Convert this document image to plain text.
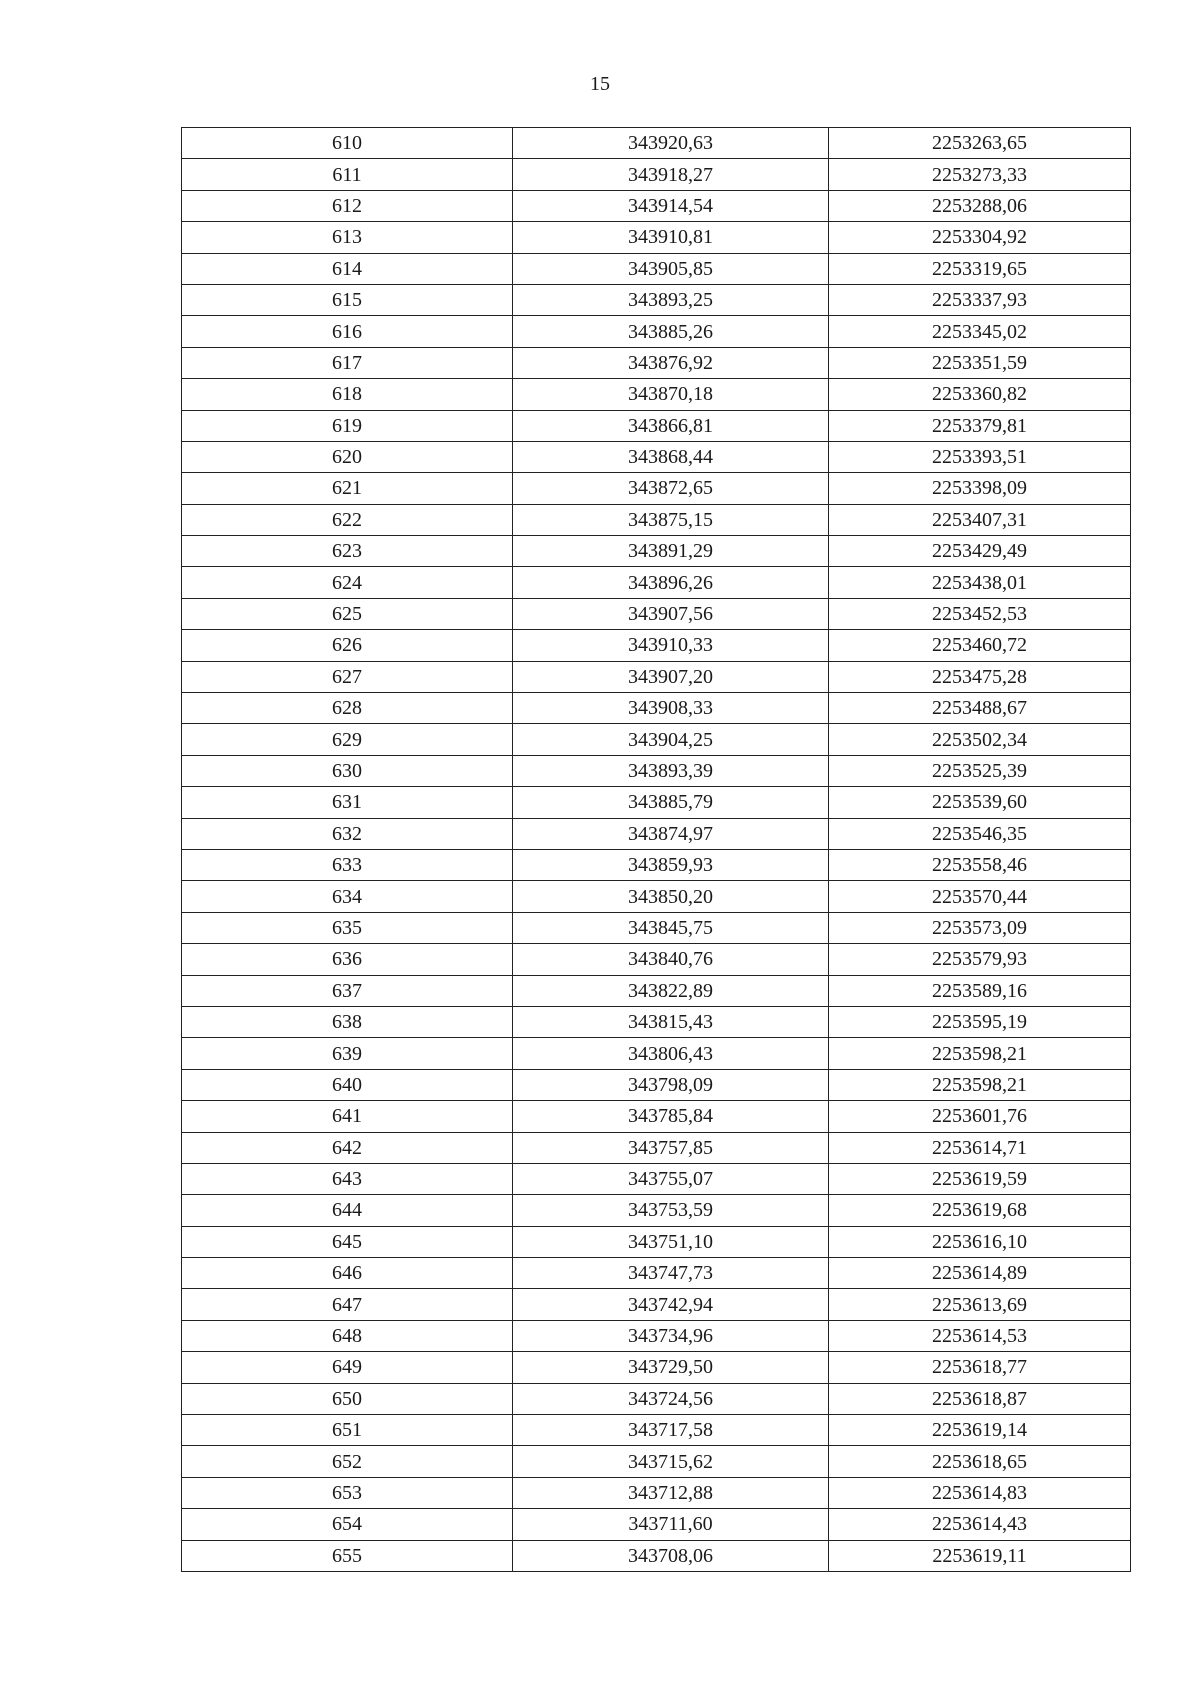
15
610	343920,63	2253263,65
611	343918,27	2253273,33
612	343914,54	2253288,06
613	343910,81	2253304,92
614	343905,85	2253319,65
615	343893,25	2253337,93
616	343885,26	2253345,02
617	343876,92	2253351,59
618	343870,18	2253360,82
619	343866,81	2253379,81
620	343868,44	2253393,51
621	343872,65	2253398,09
622	343875,15	2253407,31
623	343891,29	2253429,49
624	343896,26	2253438,01
625	343907,56	2253452,53
626	343910,33	2253460,72
627	343907,20	2253475,28
628	343908,33	2253488,67
629	343904,25	2253502,34
630	343893,39	2253525,39
631	343885,79	2253539,60
632	343874,97	2253546,35
633	343859,93	2253558,46
634	343850,20	2253570,44
635	343845,75	2253573,09
636	343840,76	2253579,93
637	343822,89	2253589,16
638	343815,43	2253595,19
639	343806,43	2253598,21
640	343798,09	2253598,21
641	343785,84	2253601,76
642	343757,85	2253614,71
643	343755,07	2253619,59
644	343753,59	2253619,68
645	343751,10	2253616,10
646	343747,73	2253614,89
647	343742,94	2253613,69
648	343734,96	2253614,53
649	343729,50	2253618,77
650	343724,56	2253618,87
651	343717,58	2253619,14
652	343715,62	2253618,65
653	343712,88	2253614,83
654	343711,60	2253614,43
655	343708,06	2253619,11
